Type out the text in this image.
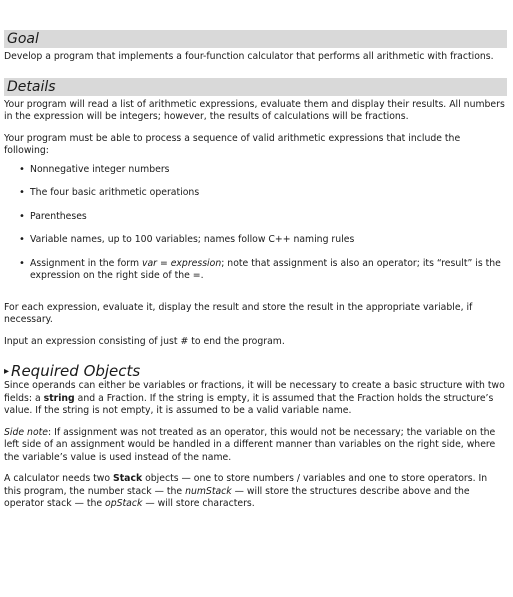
Goal

Develop a program that implements a four-function calculator that performs all arithmetic with fractions.

Details

Your program will read a list of arithmetic expressions, evaluate them and display their results. All numbers in the expression will be integers; however, the results of calculations will be fractions.

Your program must be able to process a sequence of valid arithmetic expressions that include the following:

• Nonnegative integer numbers
• The four basic arithmetic operations
• Parentheses
• Variable names, up to 100 variables; names follow C++ naming rules
• Assignment in the form var = expression; note that assignment is also an operator; its “result” is the expression on the right side of the =.

For each expression, evaluate it, display the result and store the result in the appropriate variable, if necessary.

Input an expression consisting of just # to end the program.

▸ Required Objects

Since operands can either be variables or fractions, it will be necessary to create a basic structure with two fields: a string and a Fraction. If the string is empty, it is assumed that the Fraction holds the structure’s value. If the string is not empty, it is assumed to be a valid variable name.

Side note: If assignment was not treated as an operator, this would not be necessary; the variable on the left side of an assignment would be handled in a different manner than variables on the right side, where the variable’s value is used instead of the name.

A calculator needs two Stack objects — one to store numbers / variables and one to store operators. In this program, the number stack — the numStack — will store the structures describe above and the operator stack — the opStack — will store characters.
